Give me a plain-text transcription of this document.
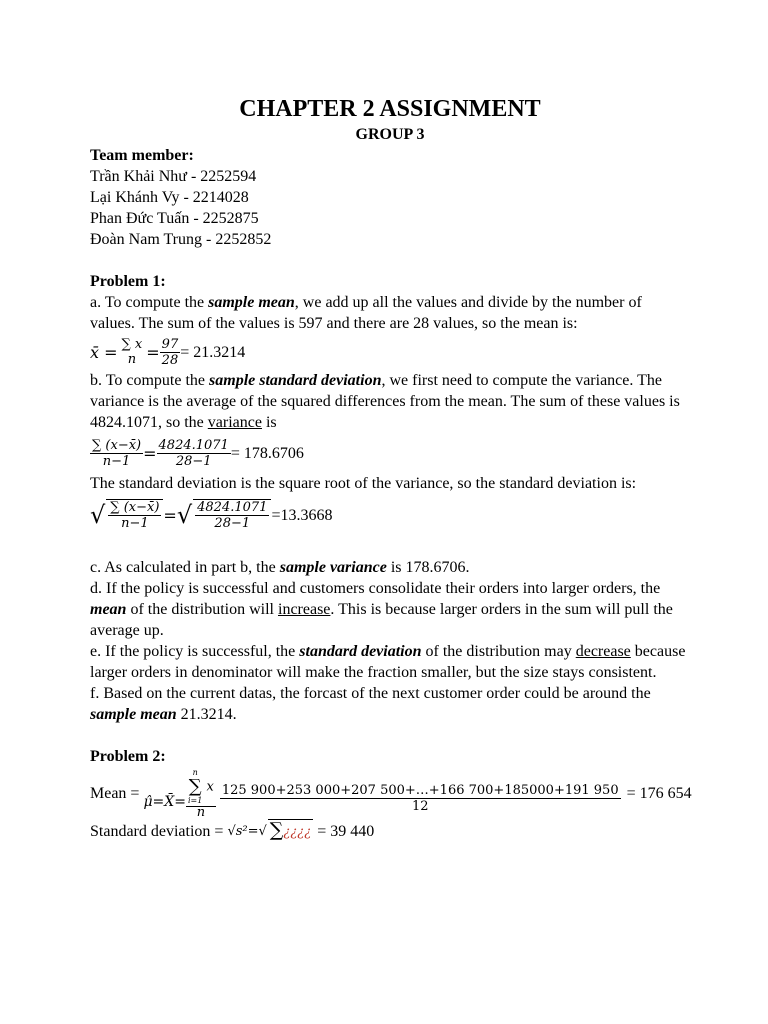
CHAPTER 2 ASSIGNMENT

GROUP 3

Team member:

Trần Khải Như - 2252594

Lại Khánh Vy - 2214028

Phan Đức Tuấn - 2252875

Đoàn Nam Trung - 2252852

Problem 1:

a. To compute the sample mean, we add up all the values and divide by the number of values. The sum of the values is 597 and there are 28 values, so the mean is:

x̄ = ∑ x
$n = \frac{97}{28} = 21.3214$

b. To compute the sample standard deviation, we first need to compute the variance. The variance is the average of the squared differences from the mean. The sum of these values is 4824.1071, so the variance is

$\frac{\sum (x-x̄)}{n-1} = \frac{4824.1071}{28-1} = 178.6706$

The standard deviation is the square root of the variance, so the standard deviation is:

√ $\frac{\sum (x-x̄)}{n-1}$ = √ $\frac{4824.1071}{28-1} =13.3668$

c. As calculated in part b, the sample variance is 178.6706.

d. If the policy is successful and customers consolidate their orders into larger orders, the mean of the distribution will increase. This is because larger orders in the sum will pull the average up.

e. If the policy is successful, the standard deviation of the distribution may decrease because larger orders in denominator will make the fraction smaller, but the size stays consistent.

f. Based on the current datas, the forcast of the next customer order could be around the sample mean 21.3214.

Problem 2:

Mean = μ̂=X̄= n
∑
i=1
x
n $\frac{125 900+253 000+207 500+\dots+166 700+185000+191 950}{12} = 176$ 654
Standard deviation = √s²=√ ∑¿¿¿¿ = 39 440
